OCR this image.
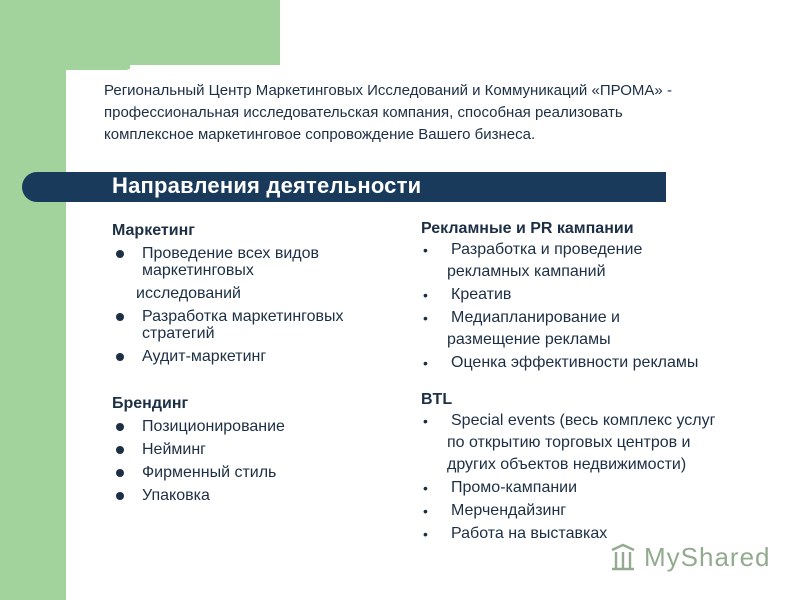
Региональный Центр Маркетинговых Исследований и Коммуникаций «ПРОМА» -
профессиональная исследовательская компания, способная реализовать
комплексное маркетинговое сопровождение Вашего бизнеса.
Направления деятельности

Маркетинг

Проведение всех видов маркетинговых
исследований
Разработка маркетинговых стратегий
Аудит-маркетинг

Брендинг

Позиционирование
Нейминг
Фирменный стиль
Упаковка

Рекламные и PR кампании

• Разработка и проведение
рекламных кампаний
• Креатив
• Медиапланирование и
размещение рекламы
• Оценка эффективности рекламы

BTL

• Special events (весь комплекс услуг
по открытию торговых центров и
других объектов недвижимости)
• Промо-кампании
• Мерчендайзинг
• Работа на выставках
MyShared
